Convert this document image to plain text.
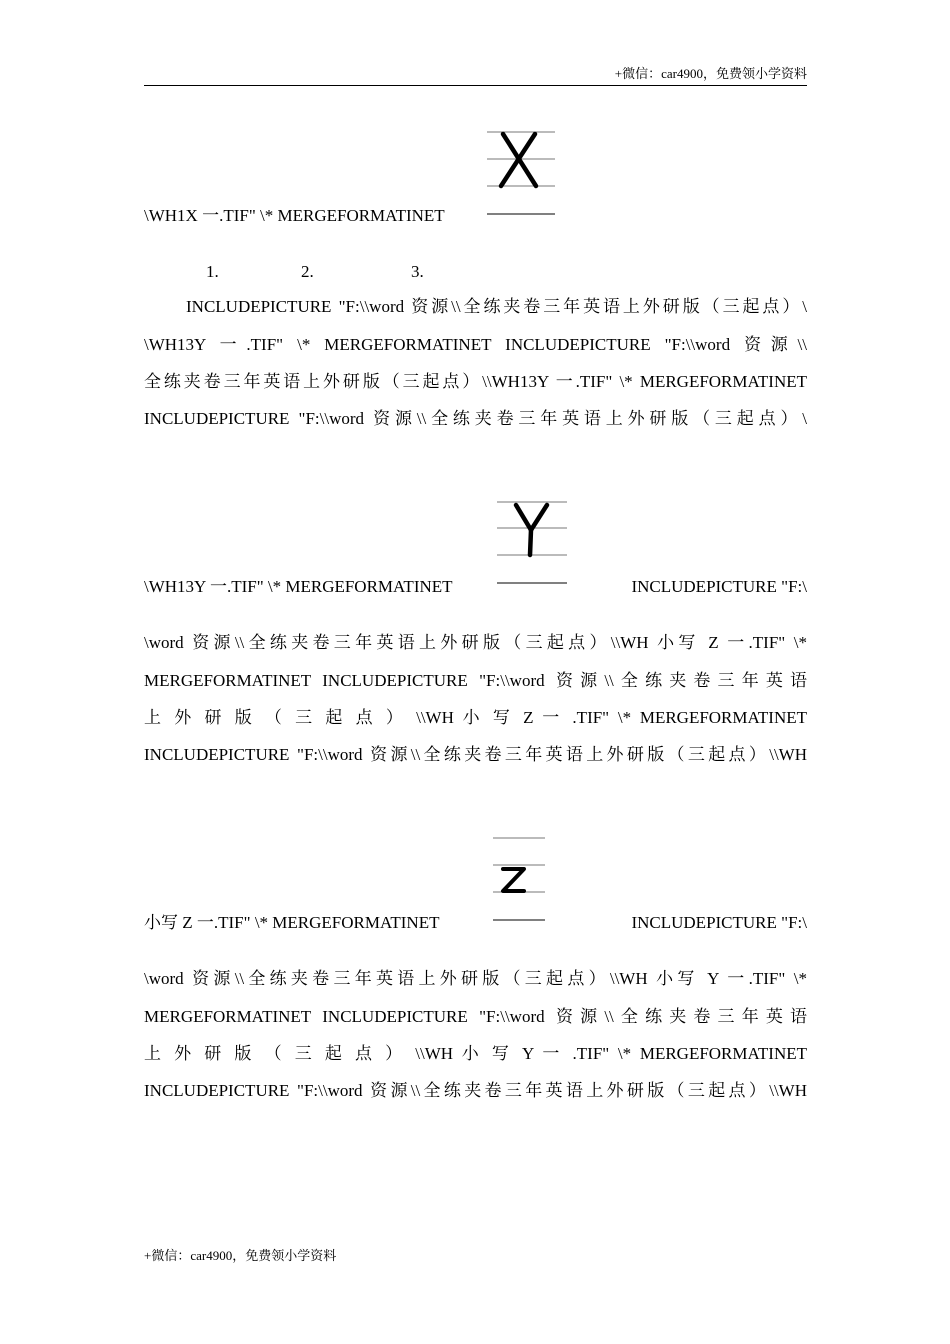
+微信：car4900，免费领小学资料
\WH1X 一.TIF" \* MERGEFORMATINET
1.	2.	3.
INCLUDEPICTURE "F:\\word 资源\\全练夹卷三年英语上外研版（三起点）\
\WH13Y 一.TIF" \* MERGEFORMATINET INCLUDEPICTURE "F:\\word 资源\\
全练夹卷三年英语上外研版（三起点）\\WH13Y 一.TIF" \* MERGEFORMATINET
INCLUDEPICTURE "F:\\word 资源\\全练夹卷三年英语上外研版（三起点）\
\WH13Y 一.TIF" \* MERGEFORMATINET	INCLUDEPICTURE "F:\
\word 资源\\全练夹卷三年英语上外研版（三起点）\\WH 小写 Z 一.TIF" \*
MERGEFORMATINET INCLUDEPICTURE "F:\\word 资源\\全练夹卷三年英语
上 外 研 版 （ 三 起 点 ） \\WH 小 写 Z 一 .TIF" \* MERGEFORMATINET
INCLUDEPICTURE "F:\\word 资源\\全练夹卷三年英语上外研版（三起点）\\WH
小写 Z 一.TIF" \* MERGEFORMATINET	INCLUDEPICTURE "F:\
\word 资源\\全练夹卷三年英语上外研版（三起点）\\WH 小写 Y 一.TIF" \*
MERGEFORMATINET INCLUDEPICTURE "F:\\word 资源\\全练夹卷三年英语
上 外 研 版 （ 三 起 点 ） \\WH 小 写 Y 一 .TIF" \* MERGEFORMATINET
INCLUDEPICTURE "F:\\word 资源\\全练夹卷三年英语上外研版（三起点）\\WH
+微信：car4900，免费领小学资料
